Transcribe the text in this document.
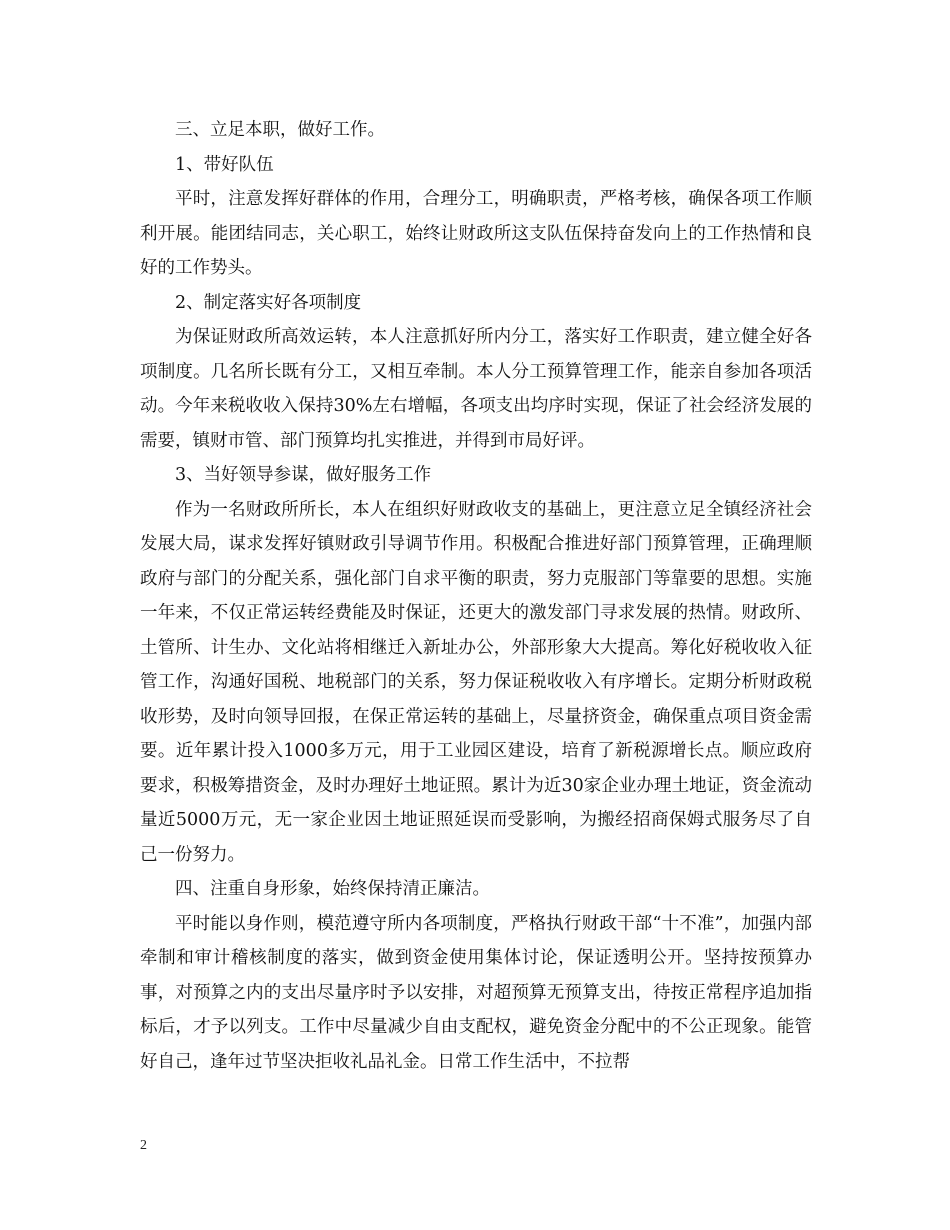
三、立足本职，做好工作。

1、带好队伍

平时，注意发挥好群体的作用，合理分工，明确职责，严格考核，确保各项工作顺利开展。能团结同志，关心职工，始终让财政所这支队伍保持奋发向上的工作热情和良好的工作势头。

2、制定落实好各项制度

为保证财政所高效运转，本人注意抓好所内分工，落实好工作职责，建立健全好各项制度。几名所长既有分工，又相互牵制。本人分工预算管理工作，能亲自参加各项活动。今年来税收收入保持30%左右增幅，各项支出均序时实现，保证了社会经济发展的需要，镇财市管、部门预算均扎实推进，并得到市局好评。

3、当好领导参谋，做好服务工作

作为一名财政所所长，本人在组织好财政收支的基础上，更注意立足全镇经济社会发展大局，谋求发挥好镇财政引导调节作用。积极配合推进好部门预算管理，正确理顺政府与部门的分配关系，强化部门自求平衡的职责，努力克服部门等靠要的思想。实施一年来，不仅正常运转经费能及时保证，还更大的激发部门寻求发展的热情。财政所、土管所、计生办、文化站将相继迁入新址办公，外部形象大大提高。筹化好税收收入征管工作，沟通好国税、地税部门的关系，努力保证税收收入有序增长。定期分析财政税收形势，及时向领导回报，在保正常运转的基础上，尽量挤资金，确保重点项目资金需要。近年累计投入1000多万元，用于工业园区建设，培育了新税源增长点。顺应政府要求，积极筹措资金，及时办理好土地证照。累计为近30家企业办理土地证，资金流动量近5000万元，无一家企业因土地证照延误而受影响，为搬经招商保姆式服务尽了自己一份努力。

四、注重自身形象，始终保持清正廉洁。

平时能以身作则，模范遵守所内各项制度，严格执行财政干部“十不准”，加强内部牵制和审计稽核制度的落实，做到资金使用集体讨论，保证透明公开。坚持按预算办事，对预算之内的支出尽量序时予以安排，对超预算无预算支出，待按正常程序追加指标后，才予以列支。工作中尽量减少自由支配权，避免资金分配中的不公正现象。能管好自己，逢年过节坚决拒收礼品礼金。日常工作生活中，不拉帮

2
